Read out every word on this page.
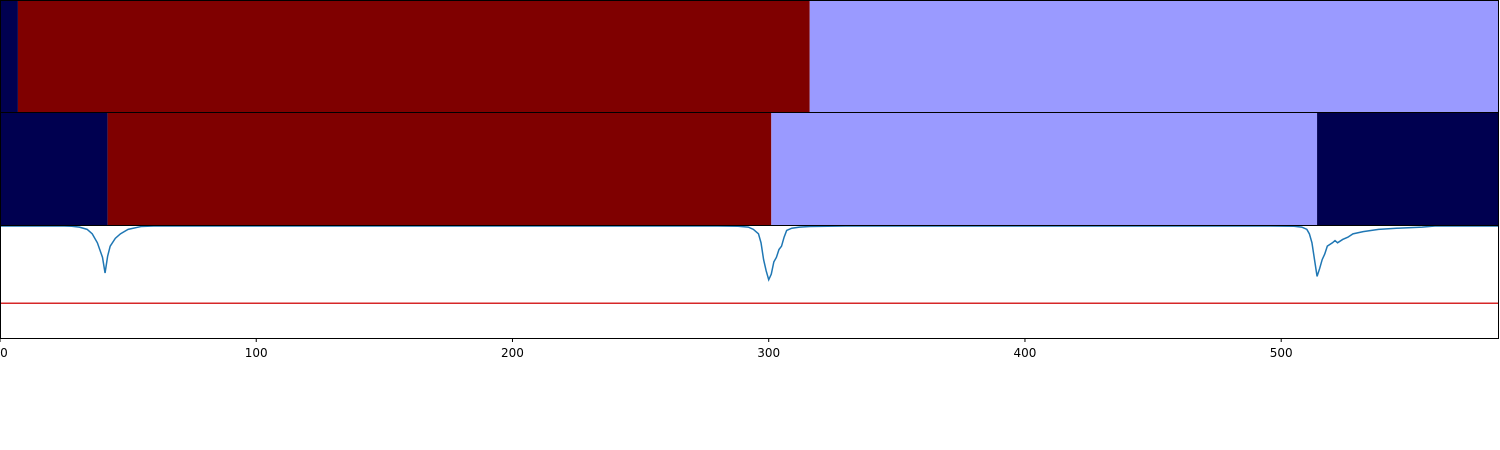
0	100	200	300	400	500
